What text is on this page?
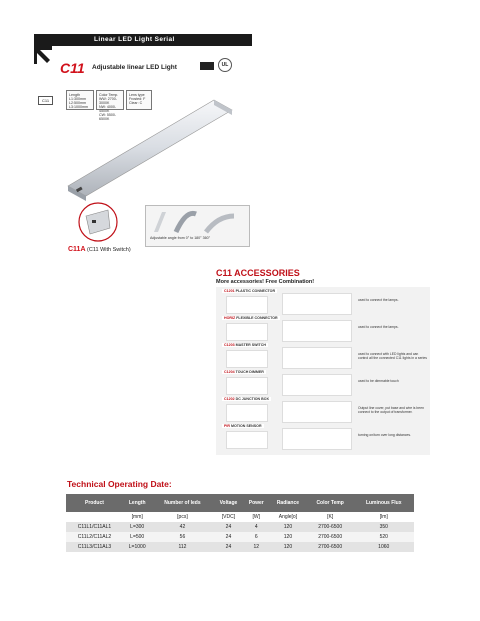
Linear LED Light Serial
C11 Adjustable linear LED Light	UL
C11
Length
L1:300mm
L2:500mm
L3:1000mm
Color Temp.
WW: 2700-3000K
NW: 4000-4500K
CW: 5500-6500K
Lens type
Frosted: F
Clear: C
C11A (C11 With Switch)
Adjustable angle from 0° to 180° 360°
C11 ACCESSORIES
More accessories! Free Combination!
C1201 PLASTIC CONNECTOR
used to connect the lamps.
HORIZ FLEXIBLE CONNECTOR
used to connect the lamps.
C1203 MASTER SWITCH
used to connect with LED lights and can control all the connected C11 lights in a series
C1204 TOUCH DIMMER
used to be dimmable touch
C1202 DC JUNCTION BOX
Output line cover, put base and wire is been connect to the output of transformer.
PIR MOTION SENSOR
turning on/turn over long distances.
Technical Operating Date:
Product	Length	Number of leds	Voltage	Power	Radiance	Color Temp	Luminous Flux
	[mm]	[pcs]	[VDC]	[W]	Angle[o]	[K]	[lm]
C11L1/C11AL1	L=300	42	24	4	120	2700-6500	350
C11L2/C11AL2	L=500	56	24	6	120	2700-6500	520
C11L3/C11AL3	L=1000	112	24	12	120	2700-6500	1060
